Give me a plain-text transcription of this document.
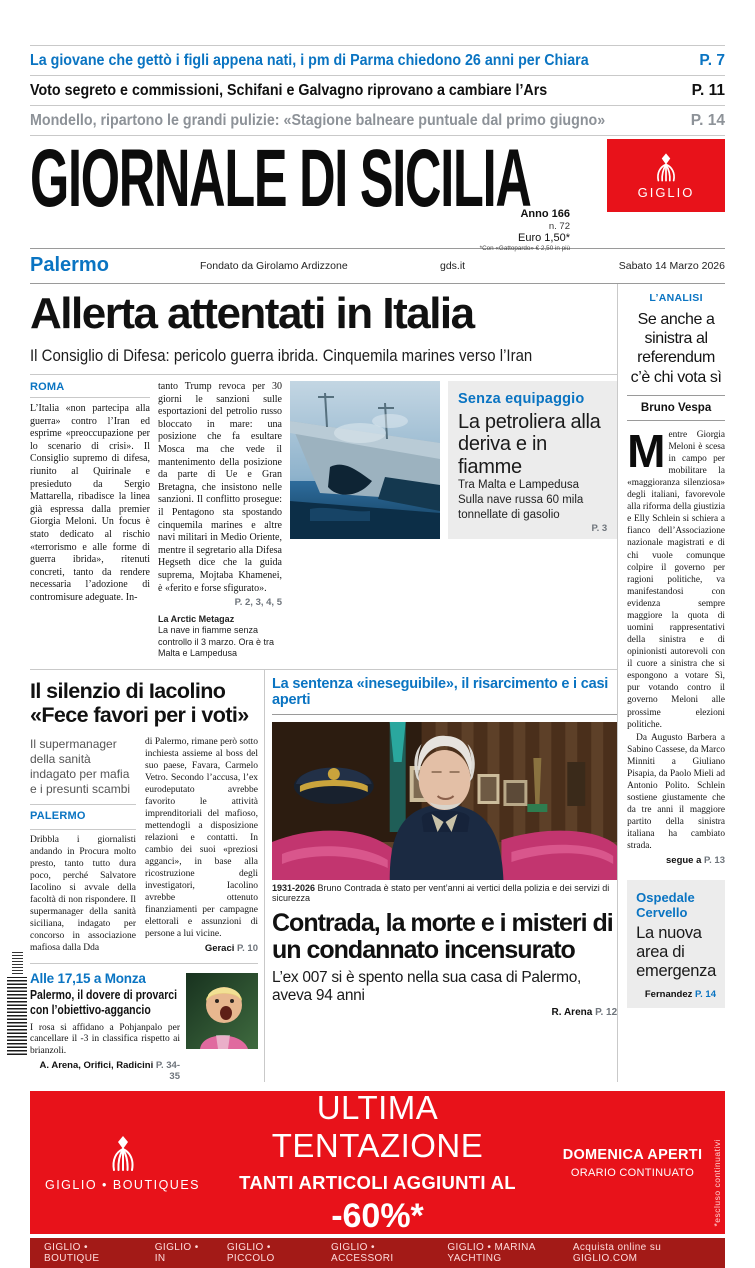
La giovane che gettò i figli appena nati, i pm di Parma chiedono 26 anni per Chiara	P. 7
Voto segreto e commissioni, Schifani e Galvagno riprovano a cambiare l’Ars	P. 11
Mondello, ripartono le grandi pulizie: «Stagione balneare puntuale dal primo giugno»	P. 14
GIORNALE DI SICILIA
Anno 166
n. 72
Euro 1,50*
*Con «Gattopardo» € 2,50 in più
GIGLIO
Palermo	Fondato da Girolamo Ardizzone	gds.it	Sabato 14 Marzo 2026
Allerta attentati in Italia
Il Consiglio di Difesa: pericolo guerra ibrida. Cinquemila marines verso l’Iran
ROMA
L’Italia «non partecipa alla guerra» contro l’Iran ed esprime «preoccupazione per lo scenario di crisi». Il Consiglio supremo di difesa, riunito al Quirinale e presieduto da Sergio Mattarella, ribadisce la linea già espressa dalla premier Giorgia Meloni. Un focus è stato dedicato al rischio «terrorismo e alle forme di guerra ibrida», ritenuti concreti, tanto da rendere necessaria l’adozione di contromisure adeguate. In-
tanto Trump revoca per 30 giorni le sanzioni sulle esportazioni del petrolio russo bloccato in mare: una posizione che fa esultare Mosca ma che vede il mantenimento della posizione da parte di Ue e Gran Bretagna, che insistono nelle sanzioni. Il conflitto prosegue: il Pentagono sta spostando cinquemila marines e altre navi militari in Medio Oriente, mentre il segretario alla Difesa Hegseth dice che la guida suprema, Mojtaba Khamenei, è «ferito e forse sfigurato».
P. 2, 3, 4, 5
La Arctic Metagaz
La nave in fiamme senza controllo il 3 marzo. Ora è tra Malta e Lampedusa
Senza equipaggio
La petroliera alla deriva e in fiamme
Tra Malta e Lampedusa Sulla nave russa 60 mila tonnellate di gasolio
P. 3
Il silenzio di Iacolino «Fece favori per i voti»
Il supermanager della sanità indagato per mafia e i presunti scambi
PALERMO
Dribbla i giornalisti andando in Procura molto presto, tanto tutto dura poco, perché Salvatore Iacolino si avvale della facoltà di non rispondere. Il supermanager della sanità siciliana, indagato per concorso in associazione mafiosa dalla Dda
di Palermo, rimane però sotto inchiesta assieme al boss del suo paese, Favara, Carmelo Vetro. Secondo l’accusa, l’ex eurodeputato avrebbe favorito le attività imprenditoriali del mafioso, mettendogli a disposizione relazioni e contatti. In cambio dei suoi «preziosi agganci», in base alla ricostruzione degli investigatori, Iacolino avrebbe ottenuto finanziamenti per campagne elettorali e assunzioni di persone a lui vicine.
Geraci P. 10
Alle 17,15 a Monza
Palermo, il dovere di provarci con l’obiettivo-aggancio
I rosa si affidano a Pohjanpalo per cancellare il -3 in classifica rispetto ai brianzoli.
A. Arena, Orifici, Radicini P. 34-35
La sentenza «ineseguibile», il risarcimento e i casi aperti
1931-2026 Bruno Contrada è stato per vent’anni ai vertici della polizia e dei servizi di sicurezza
Contrada, la morte e i misteri di un condannato incensurato
L’ex 007 si è spento nella sua casa di Palermo, aveva 94 anni
R. Arena P. 12
L’ANALISI
Se anche a sinistra al referendum c’è chi vota sì
Bruno Vespa
M entre Giorgia Meloni è scesa in campo per mobilitare la «maggioranza silenziosa» degli italiani, favorevole alla riforma della giustizia e Elly Schlein si schiera a fianco dell’Associazione nazionale magistrati e di chi vuole comunque colpire il governo per ragioni politiche, va manifestandosi con evidenza sempre maggiore la quota di uomini rappresentativi della sinistra e di opinionisti autorevoli con il cuore a sinistra che si espongono a votare Sì, pur votando contro il governo Meloni alle prossime elezioni politiche.

Da Augusto Barbera a Sabino Cassese, da Marco Minniti a Giuliano Pisapia, da Paolo Mieli ad Antonio Polito. Schlein sostiene giustamente che da tre anni il maggiore partito della sinistra italiana ha cambiato strada.

segue a P. 13
Ospedale Cervello
La nuova area di emergenza
Fernandez P. 14
GIGLIO • BOUTIQUES
ULTIMA TENTAZIONE
TANTI ARTICOLI AGGIUNTI AL
-60%*
DOMENICA APERTI
ORARIO CONTINUATO	*escluso continuativi
GIGLIO • BOUTIQUE
GIGLIO • IN
GIGLIO • PICCOLO
GIGLIO • ACCESSORI
GIGLIO • MARINA YACHTING
Acquista online su GIGLIO.COM
